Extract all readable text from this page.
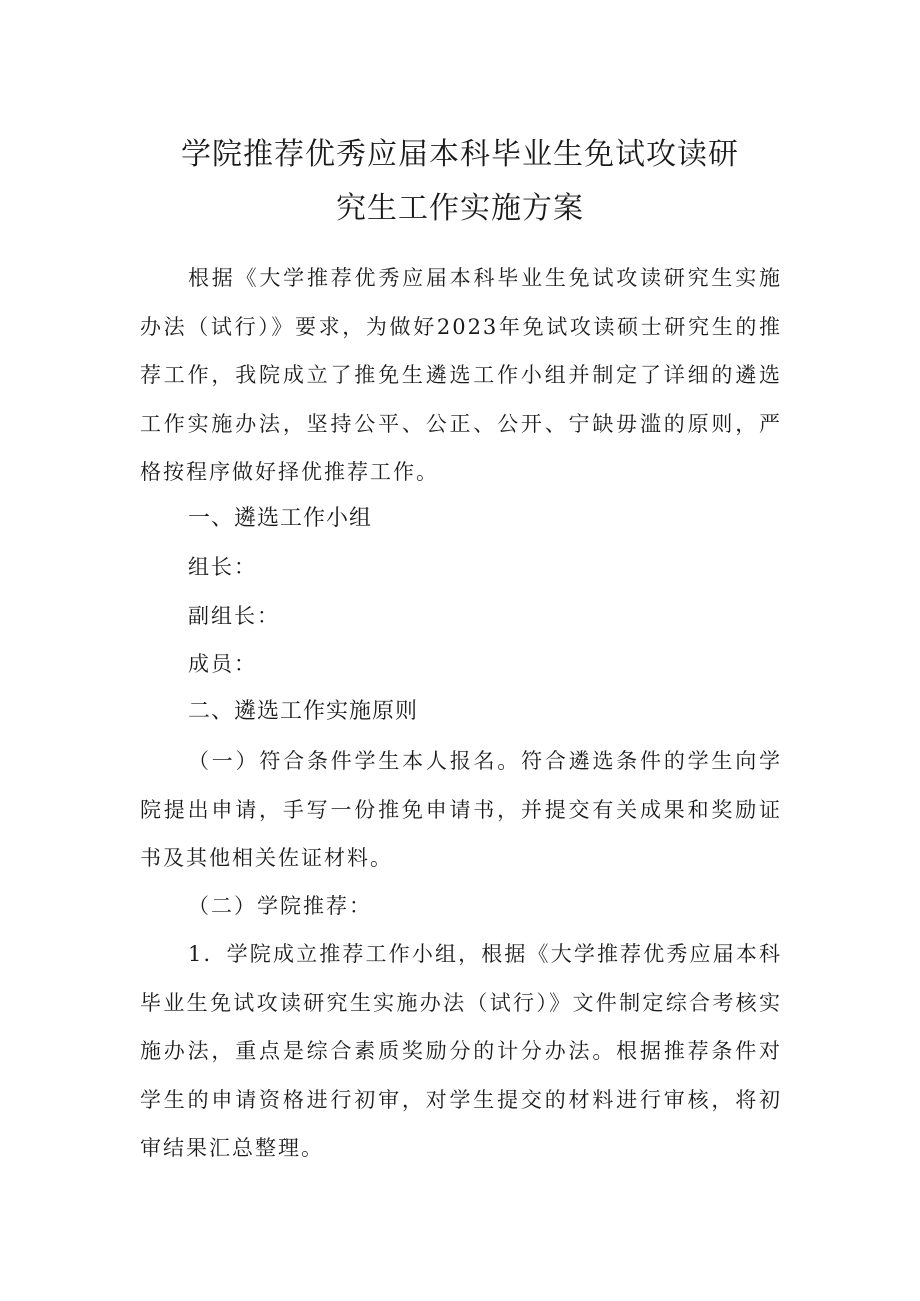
学院推荐优秀应届本科毕业生免试攻读研
究生工作实施方案

根据《大学推荐优秀应届本科毕业生免试攻读研究生实施办法（试行）》要求，为做好2023年免试攻读硕士研究生的推荐工作，我院成立了推免生遴选工作小组并制定了详细的遴选工作实施办法，坚持公平、公正、公开、宁缺毋滥的原则，严格按程序做好择优推荐工作。

一、遴选工作小组

组长：

副组长：

成员：

二、遴选工作实施原则

（一）符合条件学生本人报名。符合遴选条件的学生向学院提出申请，手写一份推免申请书，并提交有关成果和奖励证书及其他相关佐证材料。

（二）学院推荐：

1．学院成立推荐工作小组，根据《大学推荐优秀应届本科毕业生免试攻读研究生实施办法（试行）》文件制定综合考核实施办法，重点是综合素质奖励分的计分办法。根据推荐条件对学生的申请资格进行初审，对学生提交的材料进行审核，将初审结果汇总整理。
